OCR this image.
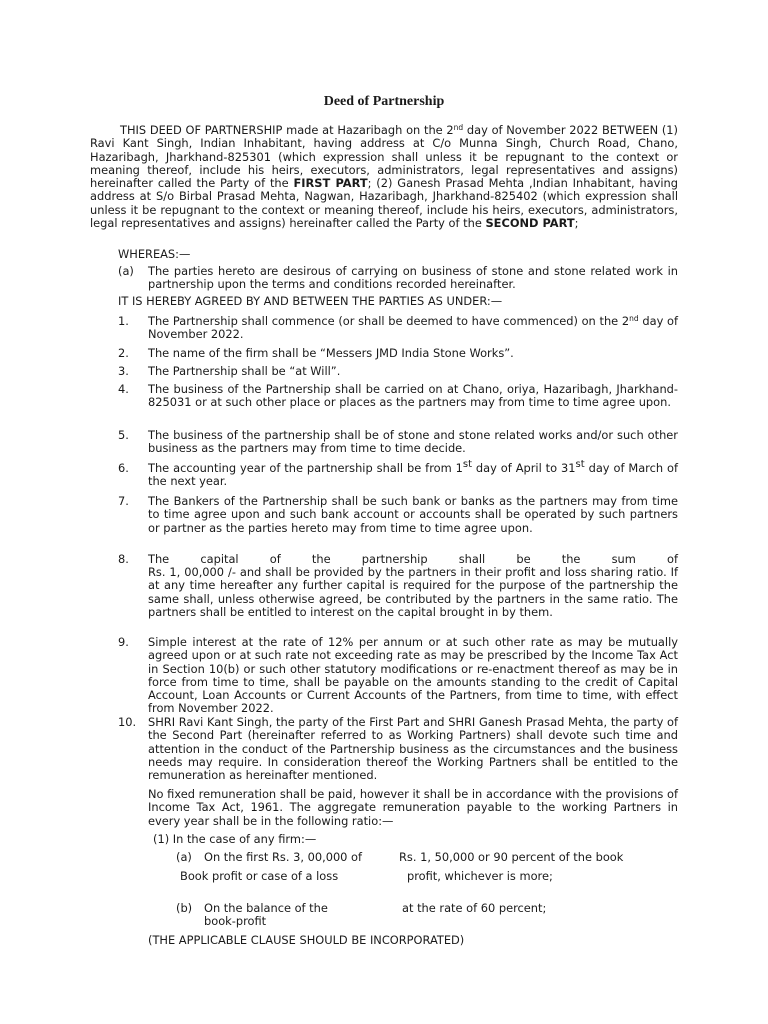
Deed of Partnership

THIS DEED OF PARTNERSHIP made at Hazaribagh on the 2nd day of November 2022 BETWEEN (1) Ravi Kant Singh, Indian Inhabitant, having address at C/o Munna Singh, Church Road, Chano, Hazaribagh, Jharkhand-825301 (which expression shall unless it be repugnant to the context or meaning thereof, include his heirs, executors, administrators, legal representatives and assigns) hereinafter called the Party of the FIRST PART; (2) Ganesh Prasad Mehta ,Indian Inhabitant, having address at S/o Birbal Prasad Mehta, Nagwan, Hazaribagh, Jharkhand-825402 (which expression shall unless it be repugnant to the context or meaning thereof, include his heirs, executors, administrators, legal representatives and assigns) hereinafter called the Party of the SECOND PART;

WHEREAS:—

(a) The parties hereto are desirous of carrying on business of stone and stone related work in partnership upon the terms and conditions recorded hereinafter.

IT IS HEREBY AGREED BY AND BETWEEN THE PARTIES AS UNDER:—

1. The Partnership shall commence (or shall be deemed to have commenced) on the 2nd day of November 2022.

2. The name of the firm shall be “Messers JMD India Stone Works”.

3. The Partnership shall be “at Will”.

4. The business of the Partnership shall be carried on at Chano, oriya, Hazaribagh, Jharkhand-825031 or at such other place or places as the partners may from time to time agree upon.

5. The business of the partnership shall be of stone and stone related works and/or such other business as the partners may from time to time decide.

6. The accounting year of the partnership shall be from 1st day of April to 31st day of March of the next year.

7. The Bankers of the Partnership shall be such bank or banks as the partners may from time to time agree upon and such bank account or accounts shall be operated by such partners or partner as the parties hereto may from time to time agree upon.

8. The capital of the partnership shall be the sum of

Rs. 1, 00,000 /- and shall be provided by the partners in their profit and loss sharing ratio. If at any time hereafter any further capital is required for the purpose of the partnership the same shall, unless otherwise agreed, be contributed by the partners in the same ratio. The partners shall be entitled to interest on the capital brought in by them.

9. Simple interest at the rate of 12% per annum or at such other rate as may be mutually agreed upon or at such rate not exceeding rate as may be prescribed by the Income Tax Act in Section 10(b) or such other statutory modifications or re-enactment thereof as may be in force from time to time, shall be payable on the amounts standing to the credit of Capital Account, Loan Accounts or Current Accounts of the Partners, from time to time, with effect from November 2022.

10. SHRI Ravi Kant Singh, the party of the First Part and SHRI Ganesh Prasad Mehta, the party of the Second Part (hereinafter referred to as Working Partners) shall devote such time and attention in the conduct of the Partnership business as the circumstances and the business needs may require. In consideration thereof the Working Partners shall be entitled to the remuneration as hereinafter mentioned.

No fixed remuneration shall be paid, however it shall be in accordance with the provisions of Income Tax Act, 1961. The aggregate remuneration payable to the working Partners in every year shall be in the following ratio:—

(1) In the case of any firm:—

(a) On the first Rs. 3, 00,000 of
Book profit or case of a loss
Rs. 1, 50,000 or 90 percent of the book
profit, whichever is more;
(b) On the balance of the
book-profit
at the rate of 60 percent;

(THE APPLICABLE CLAUSE SHOULD BE INCORPORATED)
